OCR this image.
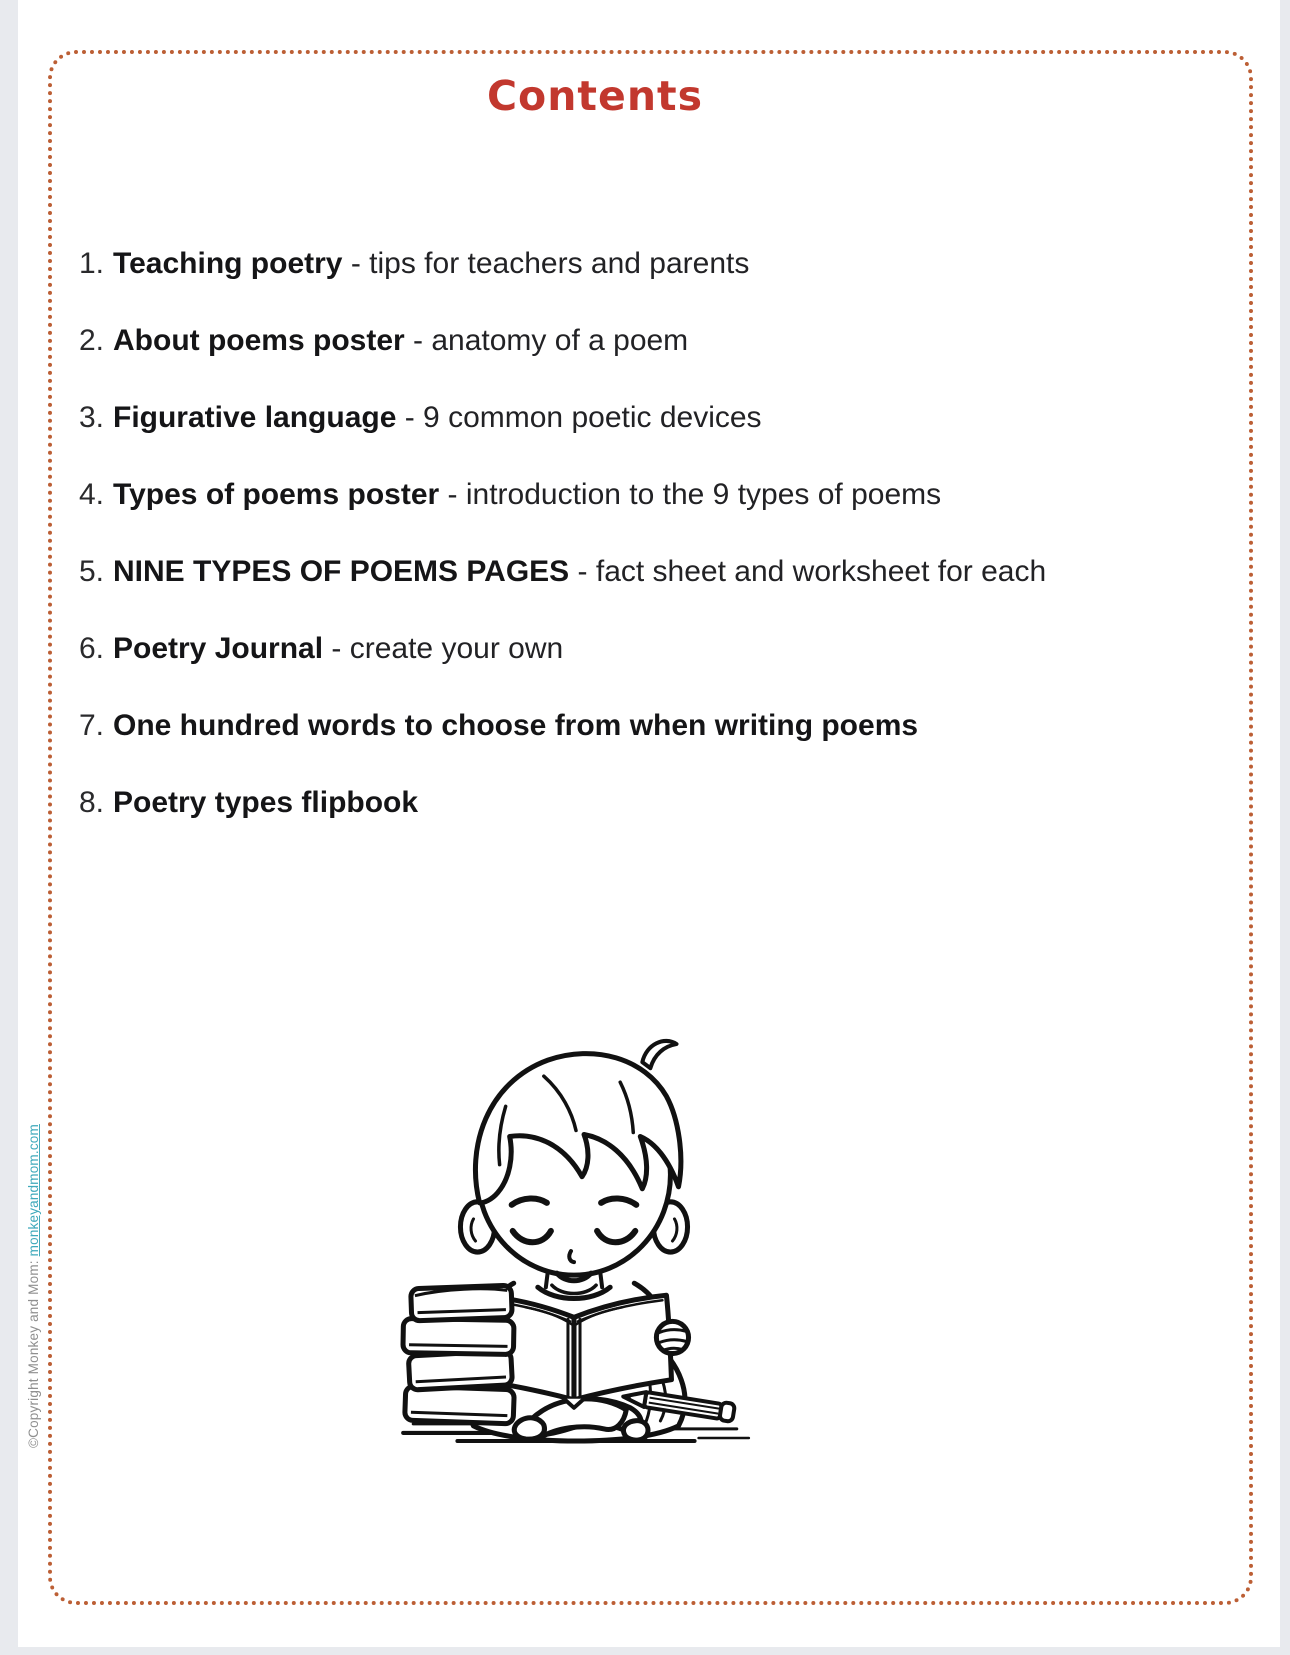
Contents
1. Teaching poetry - tips for teachers and parents
2. About poems poster - anatomy of a poem
3. Figurative language - 9 common poetic devices
4. Types of poems poster - introduction to the 9 types of poems
5. NINE TYPES OF POEMS PAGES - fact sheet and worksheet for each
6. Poetry Journal - create your own
7. One hundred words to choose from when writing poems
8. Poetry types flipbook
©Copyright Monkey and Mom: monkeyandmom.com
